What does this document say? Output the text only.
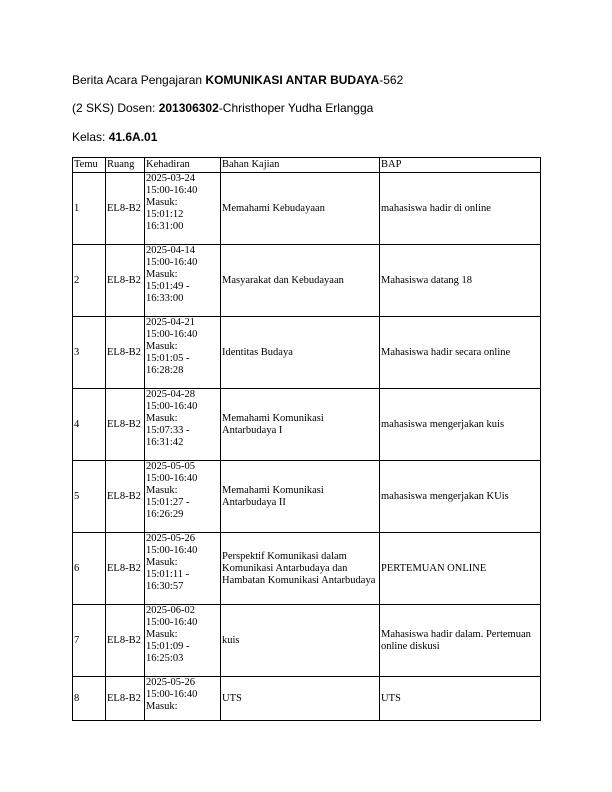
Berita Acara Pengajaran KOMUNIKASI ANTAR BUDAYA-562
(2 SKS) Dosen: 201306302-Christhoper Yudha Erlangga
Kelas: 41.6A.01
Temu	Ruang	Kehadiran	Bahan Kajian	BAP
1	EL8-B2	2025-03-24
15:00-16:40
Masuk:
15:01:12 16:31:00	Memahami Kebudayaan	mahasiswa hadir di online
2	EL8-B2	2025-04-14
15:00-16:40
Masuk:
15:01:49 - 16:33:00	Masyarakat dan Kebudayaan	Mahasiswa datang 18
3	EL8-B2	2025-04-21
15:00-16:40
Masuk:
15:01:05 - 16:28:28	Identitas Budaya	Mahasiswa hadir secara online
4	EL8-B2	2025-04-28
15:00-16:40
Masuk:
15:07:33 - 16:31:42	Memahami Komunikasi Antarbudaya I	mahasiswa mengerjakan kuis
5	EL8-B2	2025-05-05
15:00-16:40
Masuk:
15:01:27 - 16:26:29	Memahami Komunikasi Antarbudaya II	mahasiswa mengerjakan KUis
6	EL8-B2	2025-05-26
15:00-16:40
Masuk:
15:01:11 - 16:30:57	Perspektif Komunikasi dalam Komunikasi Antarbudaya dan Hambatan Komunikasi Antarbudaya	PERTEMUAN ONLINE
7	EL8-B2	2025-06-02
15:00-16:40
Masuk:
15:01:09 - 16:25:03	kuis	Mahasiswa hadir dalam. Pertemuan online diskusi
8	EL8-B2	2025-05-26
15:00-16:40
Masuk:	UTS	UTS
